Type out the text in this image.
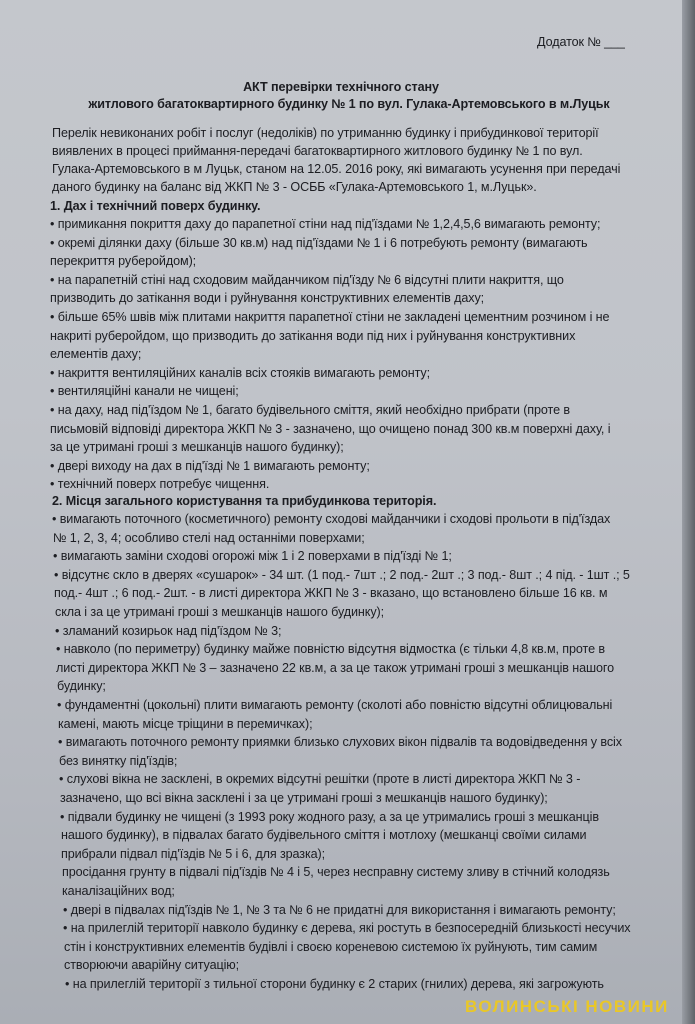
Додаток № ___
АКТ перевірки технічного стану
житлового багатоквартирного будинку № 1 по вул. Гулака-Артемовського в м.Луцьк
Перелік невиконаних робіт і послуг (недоліків) по утриманню будинку і прибудинкової території
виявлених в процесі приймання-передачі багатоквартирного житлового будинку № 1 по вул.
Гулака-Артемовського в м Луцьк, станом на 12.05. 2016 року, які вимагають усунення при передачі
даного будинку на баланс від ЖКП № 3 - ОСББ «Гулака-Артемовського 1, м.Луцьк».
1. Дах і технічний поверх будинку.
• примикання покриття даху до парапетної стіни над під'їздами № 1,2,4,5,6 вимагають ремонту;
• окремі ділянки даху (більше 30 кв.м) над під'їздами № 1 і 6 потребують ремонту (вимагають
перекриття руберойдом);
• на парапетній стіні над сходовим майданчиком під'їзду № 6 відсутні плити накриття, що
призводить до затікання води і руйнування конструктивних елементів даху;
• більше 65% швів між плитами накриття парапетної стіни не закладені цементним розчином і не
накриті руберойдом, що призводить до затікання води під них і руйнування конструктивних
елементів даху;
• накриття вентиляційних каналів всіх стояків вимагають ремонту;
• вентиляційні канали не чищені;
• на даху, над під'їздом № 1, багато будівельного сміття, який необхідно прибрати (проте в
письмовій відповіді директора ЖКП № 3 - зазначено, що очищено понад 300 кв.м поверхні даху, і
за це утримані гроші з мешканців нашого будинку);
• двері виходу на дах в під'їзді № 1 вимагають ремонту;
• технічний поверх потребує чищення.
2. Місця загального користування та прибудинкова територія.
• вимагають поточного (косметичного) ремонту сходові майданчики і сходові прольоти в під'їздах
№ 1, 2, 3, 4; особливо стелі над останніми поверхами;
• вимагають заміни сходові огорожі між 1 і 2 поверхами в під'їзді № 1;
• відсутнє скло в дверях «сушарок» - 34 шт. (1 под.- 7шт .; 2 под.- 2шт .; 3 под.- 8шт .; 4 під. - 1шт .; 5
под.- 4шт .; 6 под.- 2шт. - в листі директора ЖКП № 3 - вказано, що встановлено більше 16 кв. м
скла і за це утримані гроші з мешканців нашого будинку);
• зламаний козирьок над під'їздом № 3;
• навколо (по периметру) будинку майже повністю відсутня відмостка (є тільки 4,8 кв.м, проте в
листі директора ЖКП № 3 – зазначено 22 кв.м, а за це також утримані гроші з мешканців нашого
будинку;
• фундаментні (цокольні) плити вимагають ремонту (сколоті або повністю відсутні облицювальні
камені, мають місце тріщини в перемичках);
• вимагають поточного ремонту приямки близько слухових вікон підвалів та водовідведення у всіх
без винятку під'їздів;
• слухові вікна не засклені, в окремих відсутні решітки (проте в листі директора ЖКП № 3 -
зазначено, що всі вікна засклені і за це утримані гроші з мешканців нашого будинку);
• підвали будинку не чищені (з 1993 року жодного разу, а за це утримались гроші з мешканців
нашого будинку), в підвалах багато будівельного сміття і мотлоху (мешканці своїми силами
прибрали підвал під'їздів № 5 і 6, для зразка);
просідання грунту в підвалі під'їздів № 4 і 5, через несправну систему зливу в стічний колодязь
каналізаційних вод;
• двері в підвалах під'їздів № 1, № 3 та № 6 не придатні для використання і вимагають ремонту;
• на прилеглій території навколо будинку є дерева, які ростуть в безпосередній близькості несучих
стін і конструктивних елементів будівлі і своєю кореневою системою їх руйнують, тим самим
створюючи аварійну ситуацію;
• на прилеглій території з тильної сторони будинку є 2 старих (гнилих) дерева, які загрожують
ВОЛИНСЬКІ НОВИНИ
